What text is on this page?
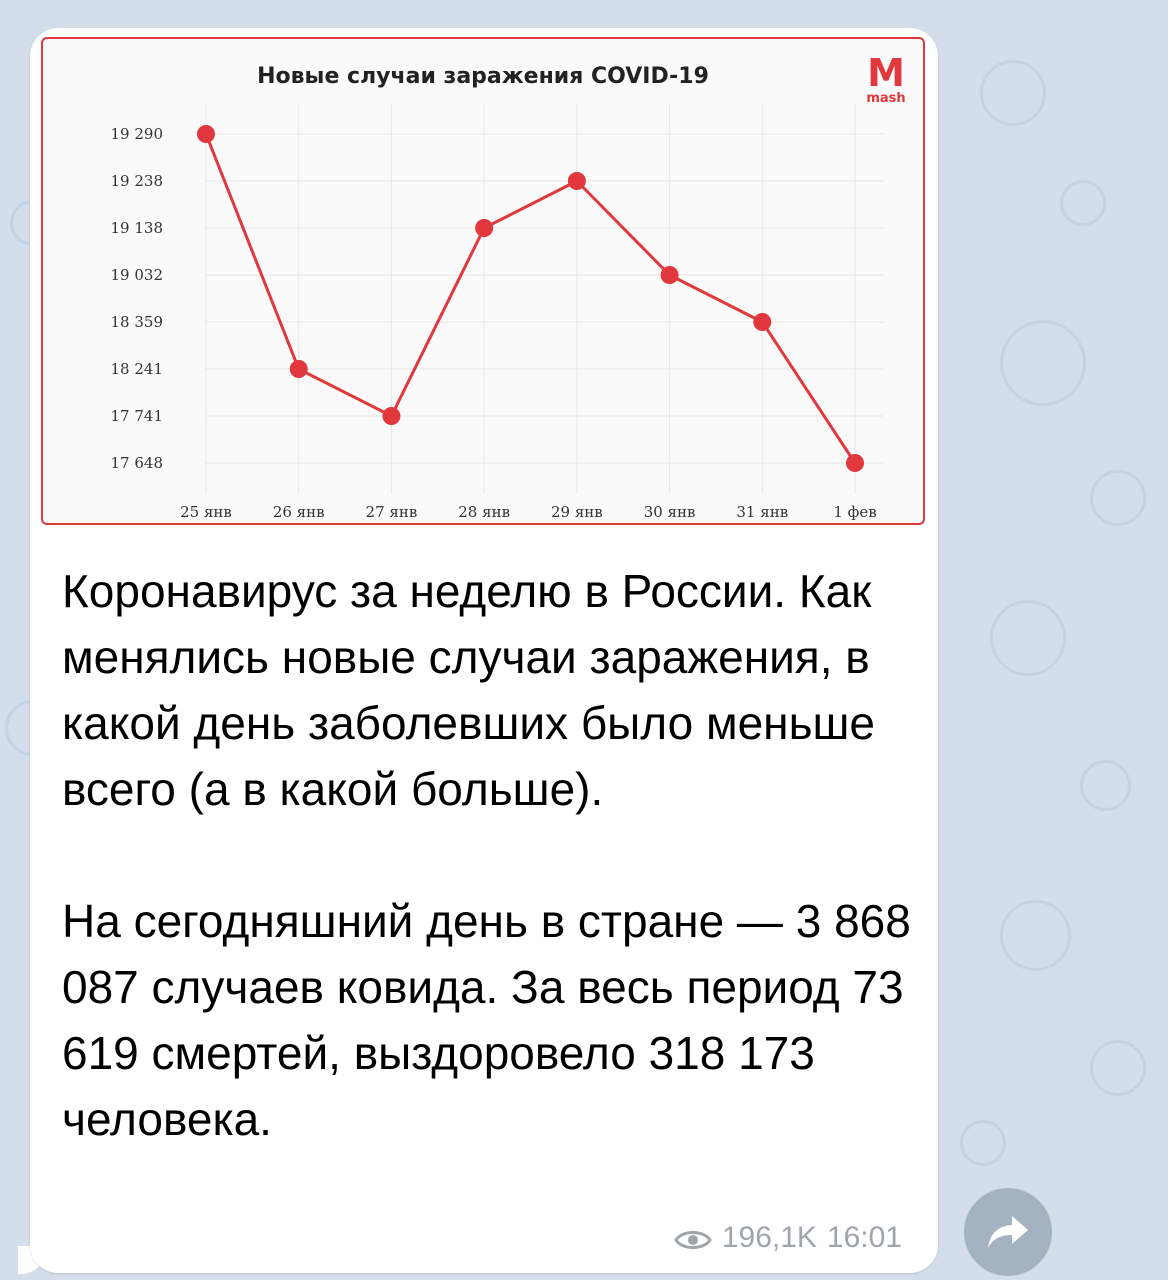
Новые случаи заражения COVID-19
19 290
19 238
19 138
19 032
18 359
18 241
17 741
17 648
25 янв	26 янв	27 янв	28 янв	29 янв	30 янв	31 янв	1 фев
M
mash
Коронавирус за неделю в России. Как менялись новые случаи заражения, в какой день заболевших было меньше всего (а в какой больше).

На сегодняшний день в стране — 3 868 087 случаев ковида. За весь период 73 619 смертей, выздоровело 318 173 человека.
196,1K 16:01
